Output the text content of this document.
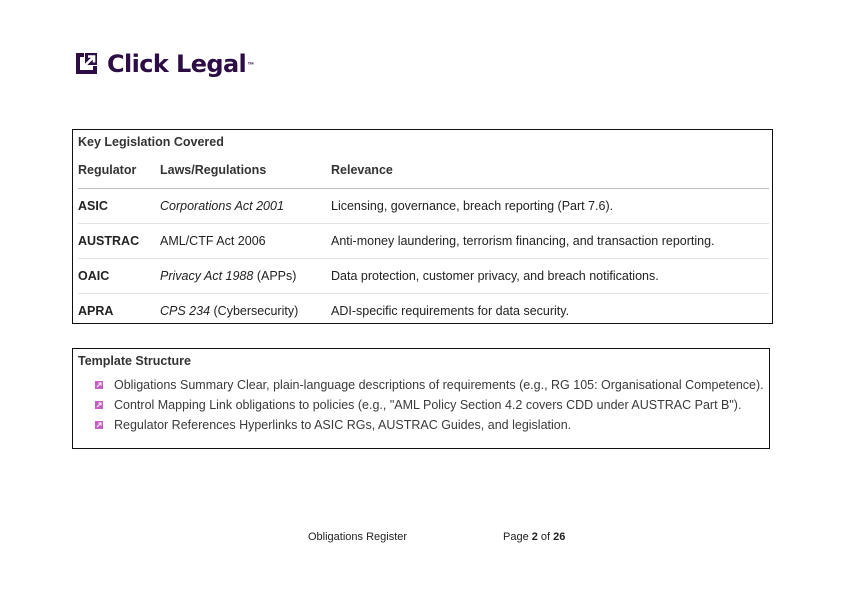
Click Legal ™
Key Legislation Covered
Regulator	Laws/Regulations	Relevance
ASIC	Corporations Act 2001	Licensing, governance, breach reporting (Part 7.6).
AUSTRAC	AML/CTF Act 2006	Anti-money laundering, terrorism financing, and transaction reporting.
OAIC	Privacy Act 1988 (APPs)	Data protection, customer privacy, and breach notifications.
APRA	CPS 234 (Cybersecurity)	ADI-specific requirements for data security.
Template Structure
Obligations Summary Clear, plain-language descriptions of requirements (e.g., RG 105: Organisational Competence).
Control Mapping Link obligations to policies (e.g., "AML Policy Section 4.2 covers CDD under AUSTRAC Part B").
Regulator References Hyperlinks to ASIC RGs, AUSTRAC Guides, and legislation.
Obligations Register	Page 2 of 26
